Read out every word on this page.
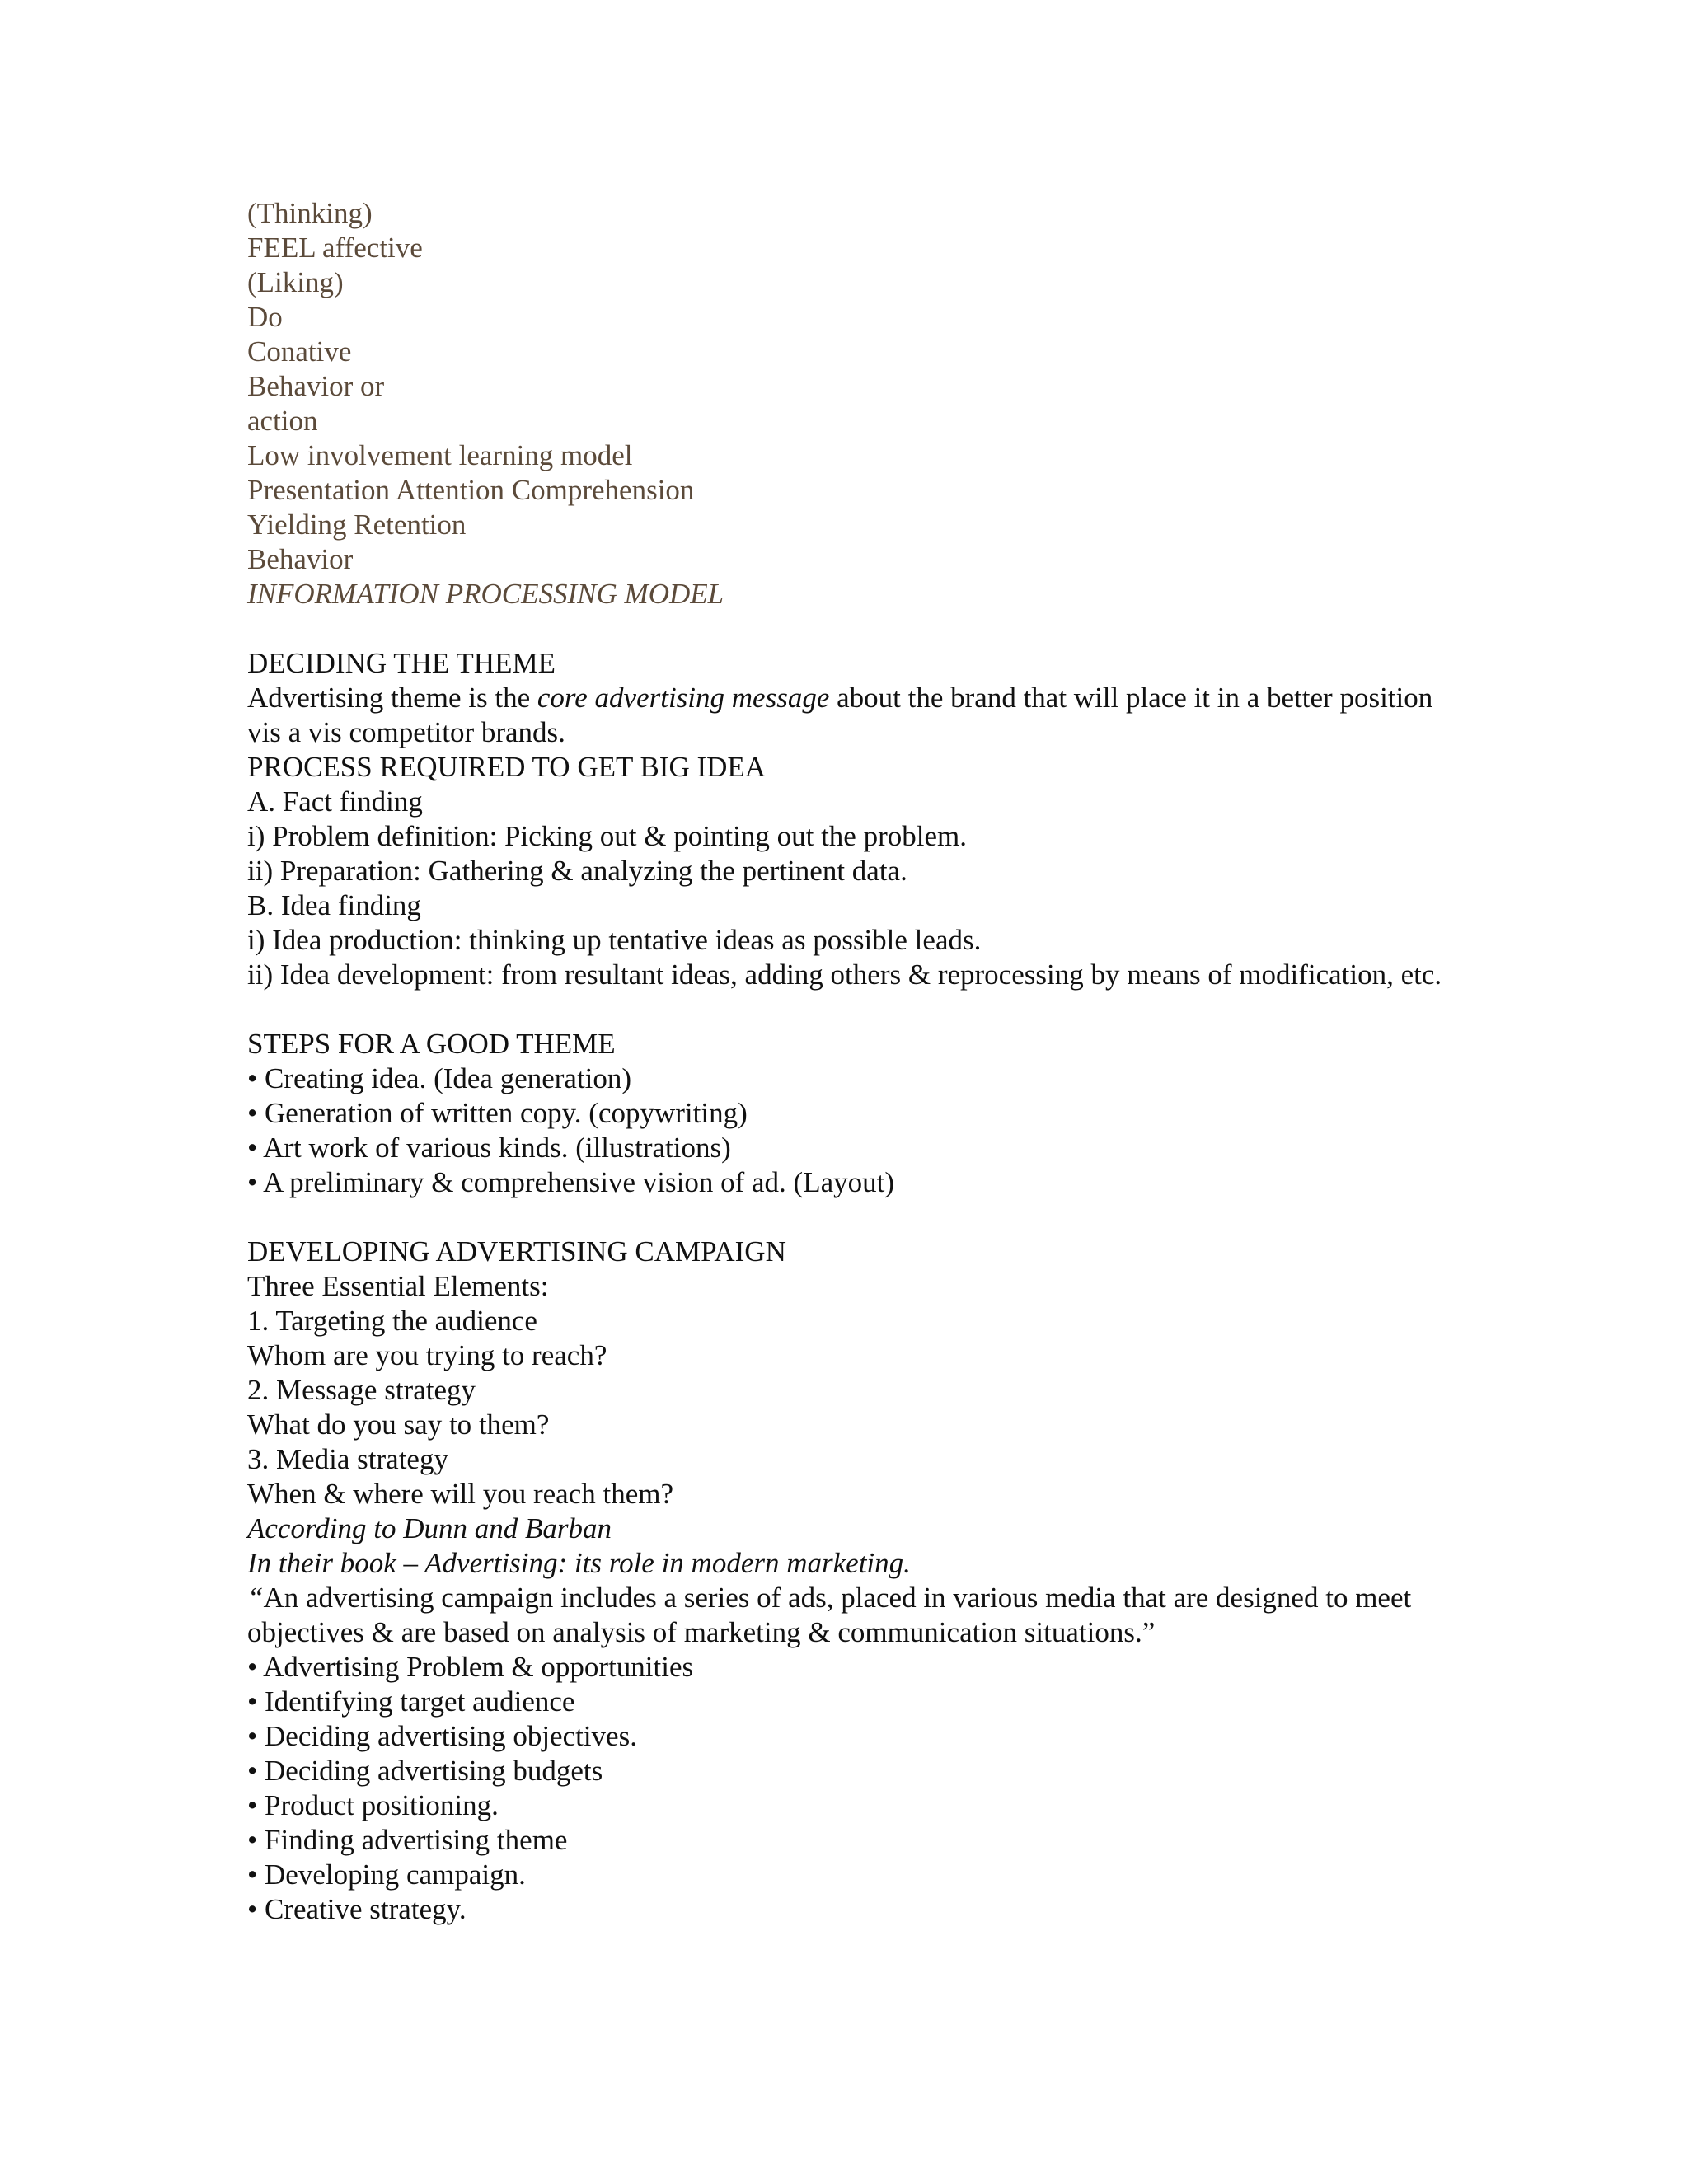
(Thinking)
FEEL affective
(Liking)
Do
Conative
Behavior or
action
Low involvement learning model
Presentation Attention Comprehension
Yielding Retention
Behavior
INFORMATION PROCESSING MODEL
DECIDING THE THEME
Advertising theme is the core advertising message about the brand that will place it in a better position vis a vis competitor brands.
PROCESS REQUIRED TO GET BIG IDEA
A. Fact finding
i) Problem definition: Picking out & pointing out the problem.
ii) Preparation: Gathering & analyzing the pertinent data.
B. Idea finding
i) Idea production: thinking up tentative ideas as possible leads.
ii) Idea development: from resultant ideas, adding others & reprocessing by means of modification, etc.
STEPS FOR A GOOD THEME
• Creating idea. (Idea generation)
• Generation of written copy. (copywriting)
• Art work of various kinds. (illustrations)
• A preliminary & comprehensive vision of ad. (Layout)
DEVELOPING ADVERTISING CAMPAIGN
Three Essential Elements:
1. Targeting the audience
Whom are you trying to reach?
2. Message strategy
What do you say to them?
3. Media strategy
When & where will you reach them?
According to Dunn and Barban
In their book – Advertising: its role in modern marketing.
“An advertising campaign includes a series of ads, placed in various media that are designed to meet objectives & are based on analysis of marketing & communication situations.”
• Advertising Problem & opportunities
• Identifying target audience
• Deciding advertising objectives.
• Deciding advertising budgets
• Product positioning.
• Finding advertising theme
• Developing campaign.
• Creative strategy.
